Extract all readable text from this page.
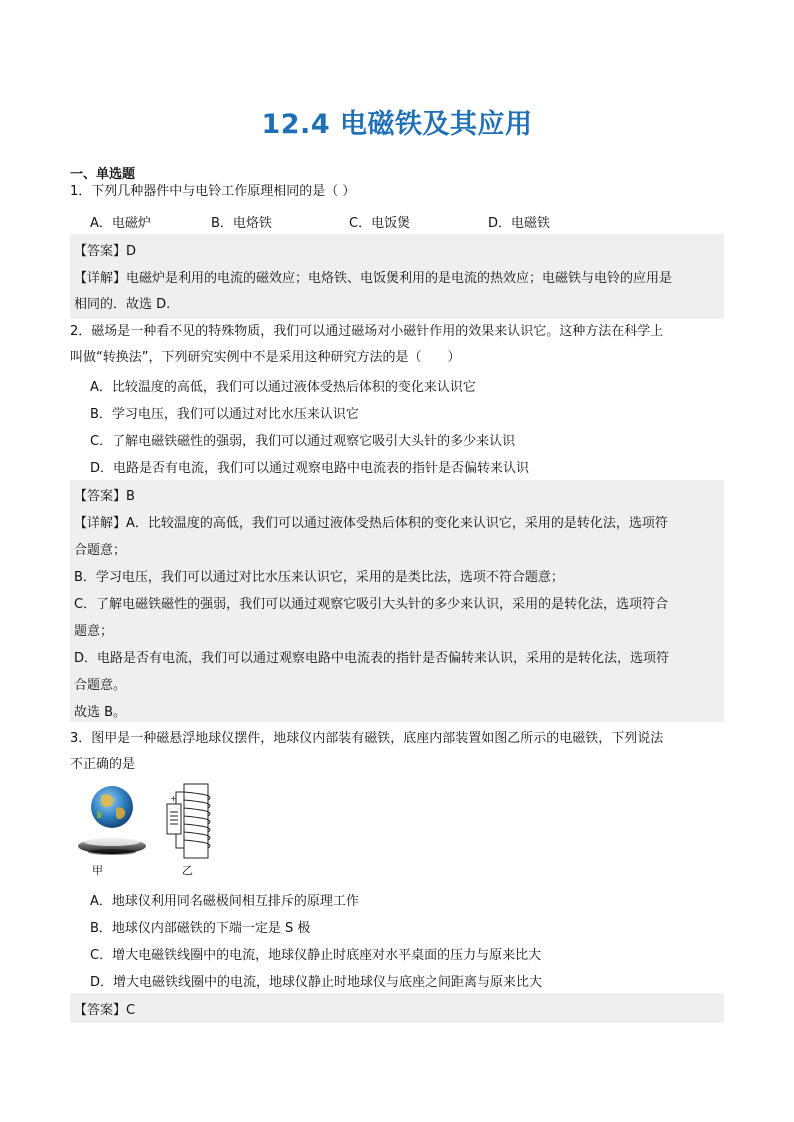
12.4 电磁铁及其应用
一、单选题
1．下列几种器件中与电铃工作原理相同的是（ ）
A．电磁炉	B．电烙铁	C．电饭煲	D．电磁铁
【答案】D
【详解】电磁炉是利用的电流的磁效应；电烙铁、电饭煲利用的是电流的热效应；电磁铁与电铃的应用是
相同的．故选 D.
2．磁场是一种看不见的特殊物质，我们可以通过磁场对小磁针作用的效果来认识它。这种方法在科学上
叫做“转换法”，下列研究实例中不是采用这种研究方法的是（　　）
A．比较温度的高低，我们可以通过液体受热后体积的变化来认识它
B．学习电压，我们可以通过对比水压来认识它
C．了解电磁铁磁性的强弱，我们可以通过观察它吸引大头针的多少来认识
D．电路是否有电流，我们可以通过观察电路中电流表的指针是否偏转来认识
【答案】B
【详解】A．比较温度的高低，我们可以通过液体受热后体积的变化来认识它，采用的是转化法，选项符
合题意；
B．学习电压，我们可以通过对比水压来认识它，采用的是类比法，选项不符合题意；
C．了解电磁铁磁性的强弱，我们可以通过观察它吸引大头针的多少来认识，采用的是转化法，选项符合
题意；
D．电路是否有电流，我们可以通过观察电路中电流表的指针是否偏转来认识，采用的是转化法，选项符
合题意。
故选 B。
3．图甲是一种磁悬浮地球仪摆件，地球仪内部装有磁铁，底座内部装置如图乙所示的电磁铁，下列说法
不正确的是
甲
+
乙
A．地球仪利用同名磁极间相互排斥的原理工作
B．地球仪内部磁铁的下端一定是 S 极
C．增大电磁铁线圈中的电流，地球仪静止时底座对水平桌面的压力与原来比大
D．增大电磁铁线圈中的电流，地球仪静止时地球仪与底座之间距离与原来比大
【答案】C
